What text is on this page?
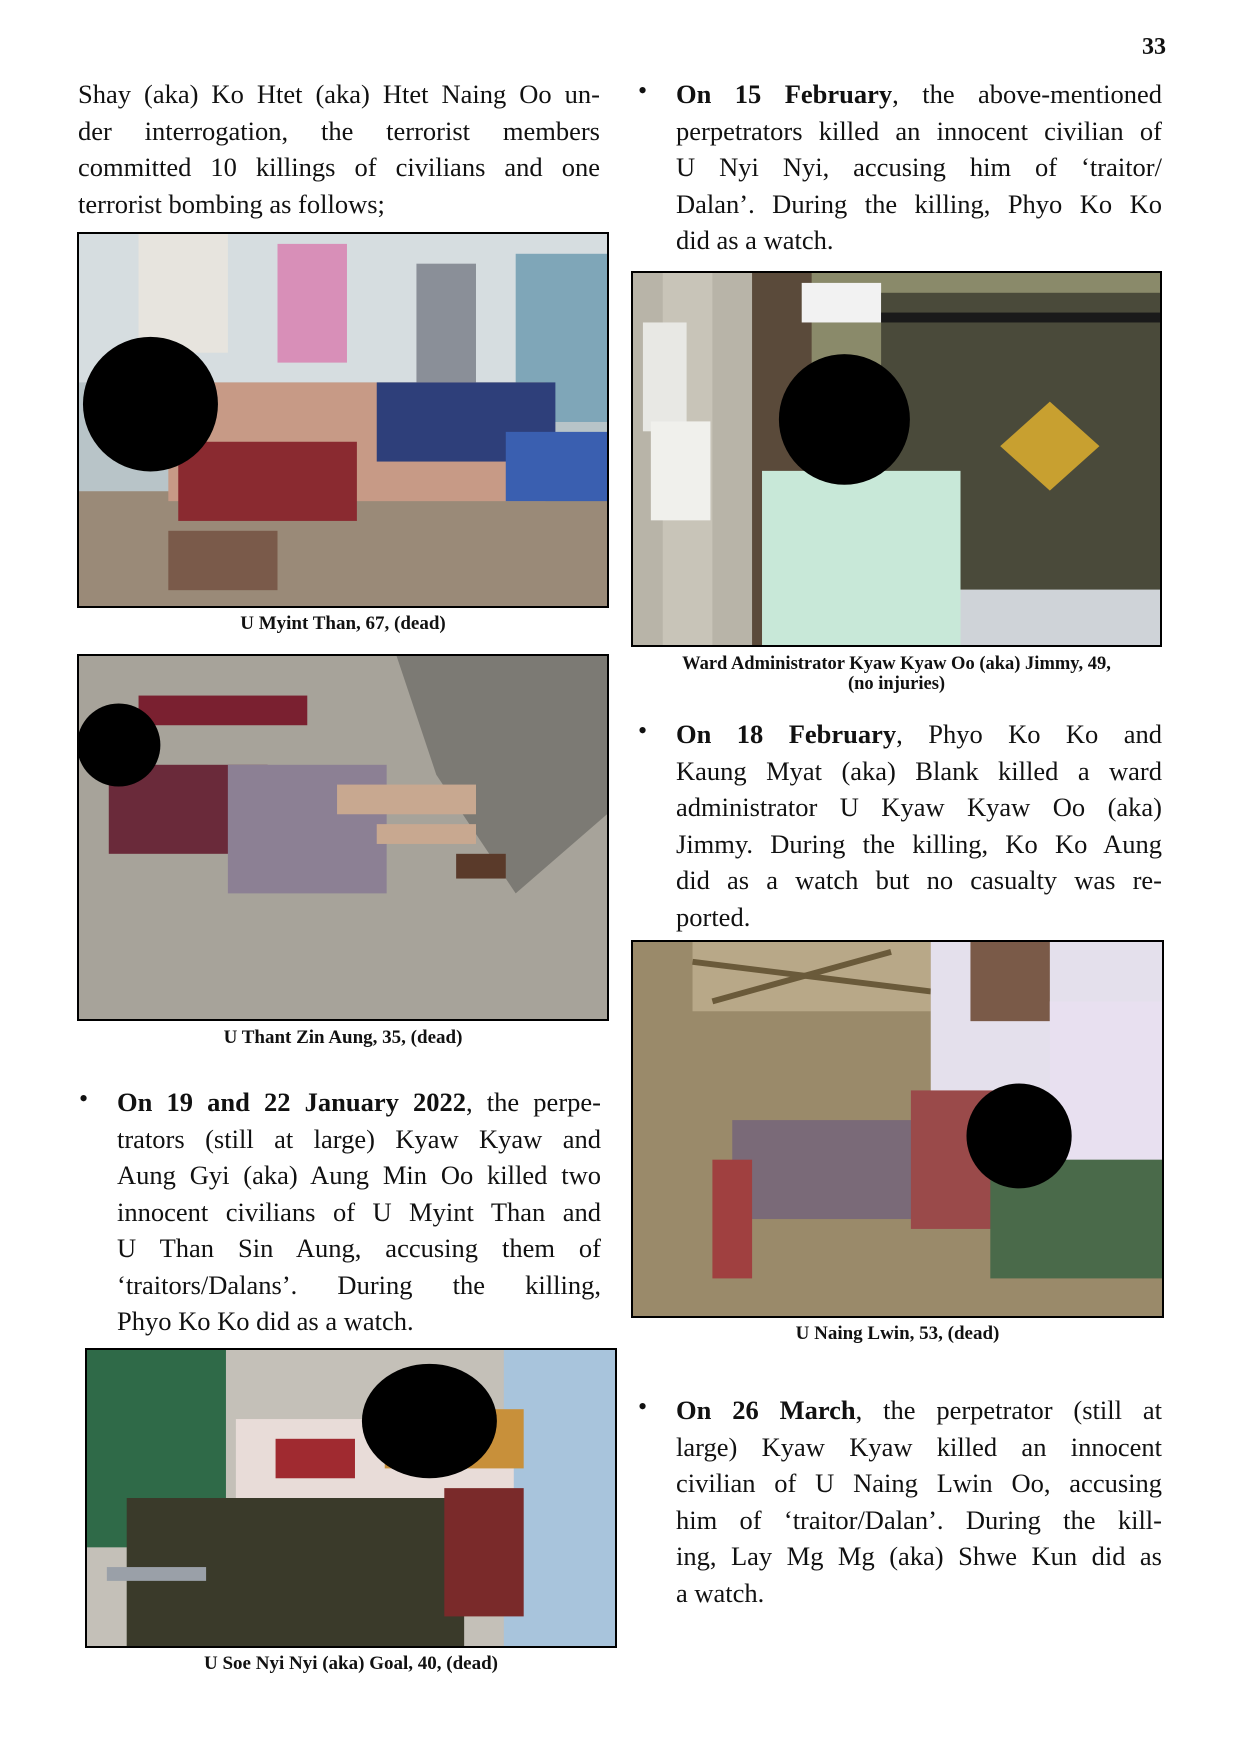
33
Shay (aka) Ko Htet (aka) Htet Naing Oo un-
der interrogation, the terrorist members
committed 10 killings of civilians and one
terrorist bombing as follows;
U Myint Than, 67, (dead)
U Thant Zin Aung, 35, (dead)
• On 19 and 22 January 2022, the perpe-
trators (still at large) Kyaw Kyaw and
Aung Gyi (aka) Aung Min Oo killed two
innocent civilians of U Myint Than and
U Than Sin Aung, accusing them of
‘traitors/Dalans’. During the killing,
Phyo Ko Ko did as a watch.
U Soe Nyi Nyi (aka) Goal, 40, (dead)
• On 15 February, the above-mentioned
perpetrators killed an innocent civilian of
U Nyi Nyi, accusing him of ‘traitor/
Dalan’. During the killing, Phyo Ko Ko
did as a watch.
Ward Administrator Kyaw Kyaw Oo (aka) Jimmy, 49,
(no injuries)
• On 18 February, Phyo Ko Ko and
Kaung Myat (aka) Blank killed a ward
administrator U Kyaw Kyaw Oo (aka)
Jimmy. During the killing, Ko Ko Aung
did as a watch but no casualty was re-
ported.
U Naing Lwin, 53, (dead)
• On 26 March, the perpetrator (still at
large) Kyaw Kyaw killed an innocent
civilian of U Naing Lwin Oo, accusing
him of ‘traitor/Dalan’. During the kill-
ing, Lay Mg Mg (aka) Shwe Kun did as
a watch.
